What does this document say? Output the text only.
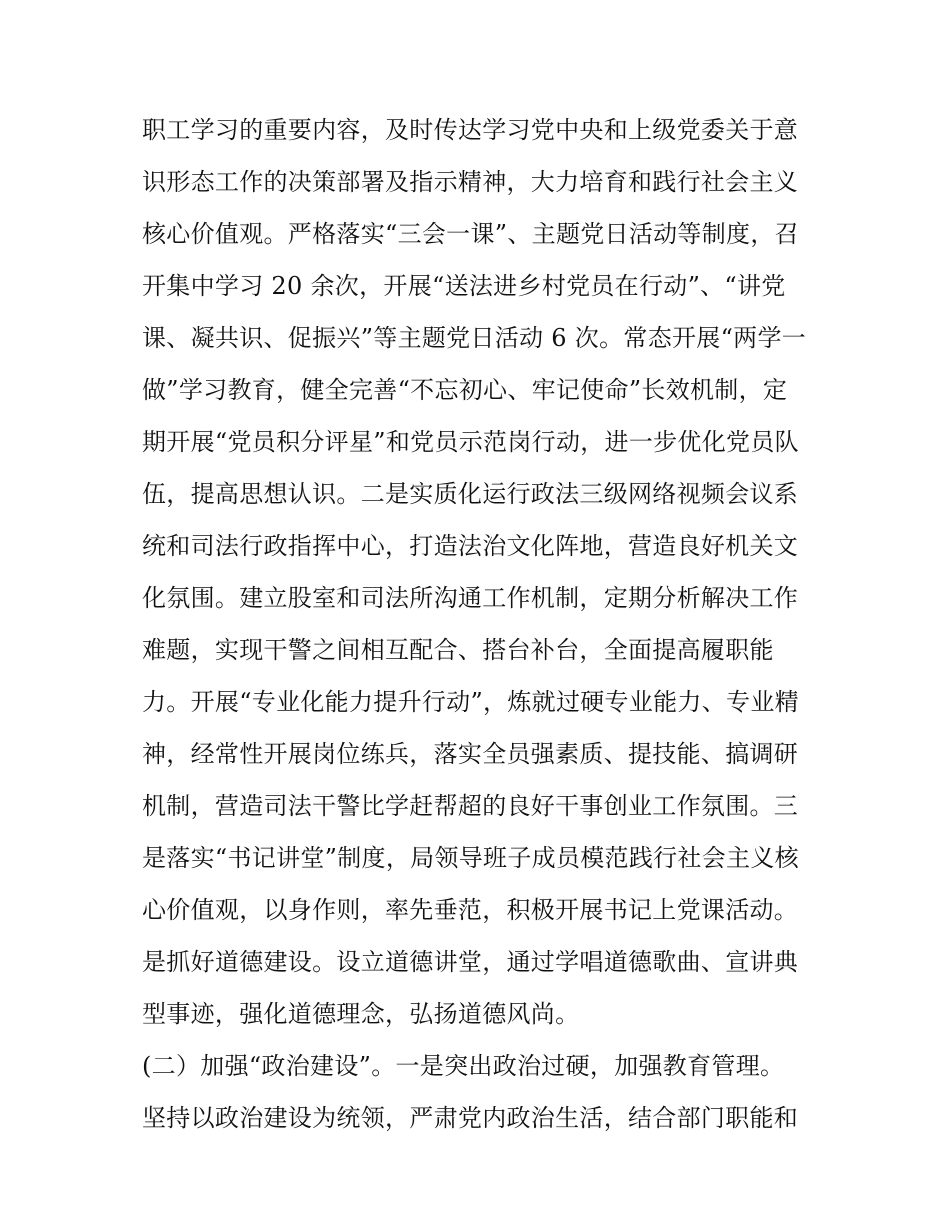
职工学习的重要内容，及时传达学习党中央和上级党委关于意
识形态工作的决策部署及指示精神，大力培育和践行社会主义
核心价值观。严格落实“三会一课”、主题党日活动等制度，召
开集中学习 20 余次，开展“送法进乡村党员在行动”、“讲党
课、凝共识、促振兴”等主题党日活动 6 次。常态开展“两学一
做”学习教育，健全完善“不忘初心、牢记使命”长效机制，定
期开展“党员积分评星”和党员示范岗行动，进一步优化党员队
伍，提高思想认识。二是实质化运行政法三级网络视频会议系
统和司法行政指挥中心，打造法治文化阵地，营造良好机关文
化氛围。建立股室和司法所沟通工作机制，定期分析解决工作
难题，实现干警之间相互配合、搭台补台，全面提高履职能
力。开展“专业化能力提升行动”，炼就过硬专业能力、专业精
神，经常性开展岗位练兵，落实全员强素质、提技能、搞调研
机制，营造司法干警比学赶帮超的良好干事创业工作氛围。三
是落实“书记讲堂”制度，局领导班子成员模范践行社会主义核
心价值观，以身作则，率先垂范，积极开展书记上党课活动。
是抓好道德建设。设立道德讲堂，通过学唱道德歌曲、宣讲典
型事迹，强化道德理念，弘扬道德风尚。
(二）加强“政治建设”。一是突出政治过硬，加强教育管理。
坚持以政治建设为统领，严肃党内政治生活，结合部门职能和
